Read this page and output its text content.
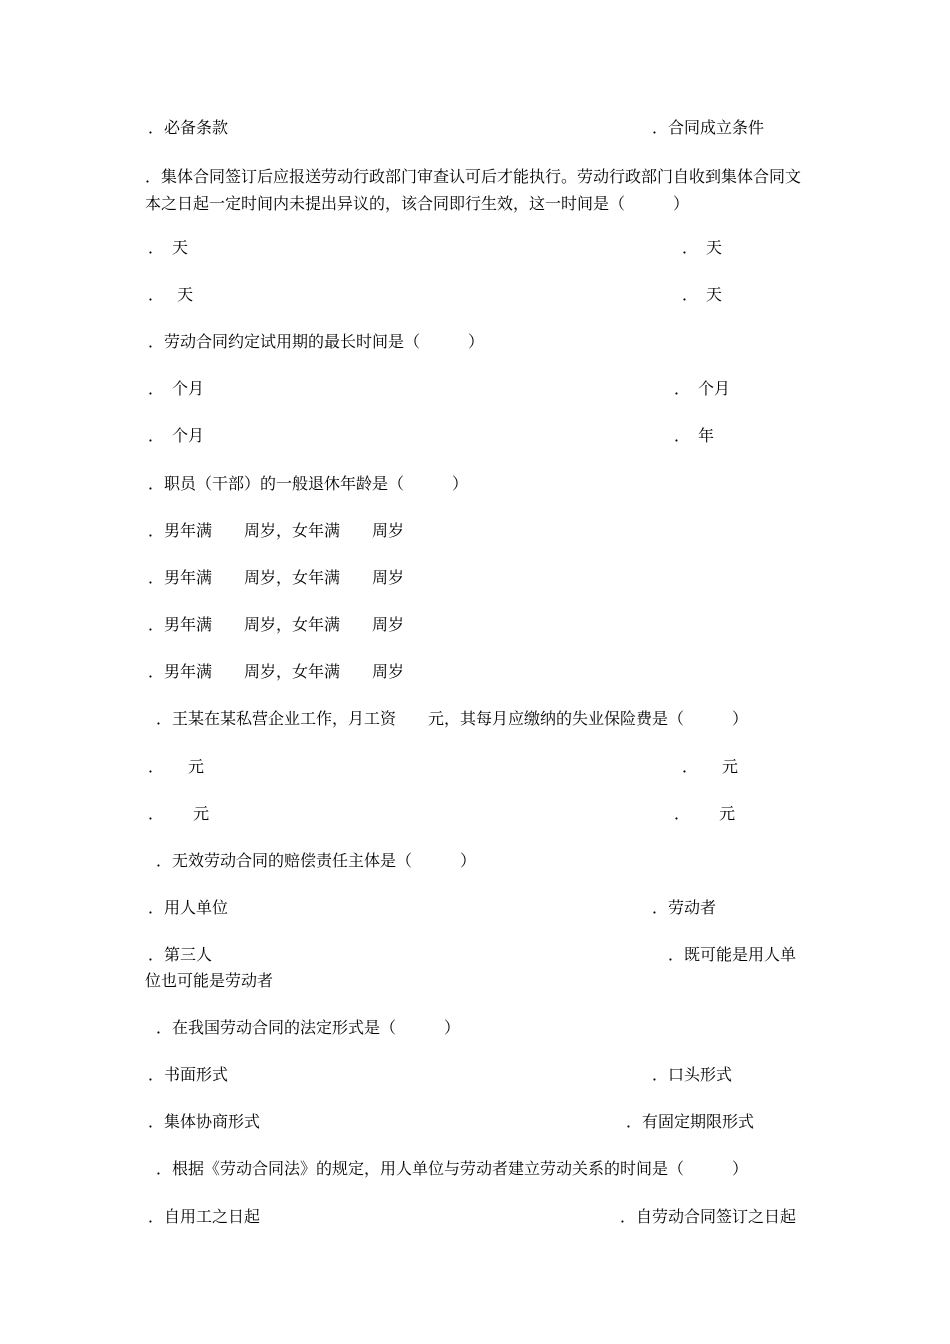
．必备条款	．合同成立条件
．集体合同签订后应报送劳动行政部门审查认可后才能执行。劳动行政部门自收到集体合同文本之日起一定时间内未提出异议的，该合同即行生效，这一时间是（　　　）
．　天	．　天
．　 天	．　天
．劳动合同约定试用期的最长时间是（　　　）
．　个月	．　个月
．　个月	．　年
．职员（干部）的一般退休年龄是（　　　）
．男年满　　周岁，女年满　　周岁
．男年满　　周岁，女年满　　周岁
．男年满　　周岁，女年满　　周岁
．男年满　　周岁，女年满　　周岁
．王某在某私营企业工作，月工资　　元，其每月应缴纳的失业保险费是（　　　）
．　　元	．　　元
．　　 元	．　　 元
．无效劳动合同的赔偿责任主体是（　　　）
．用人单位	．劳动者
．第三人	．既可能是用人单
位也可能是劳动者
．在我国劳动合同的法定形式是（　　　）
．书面形式	．口头形式
．集体协商形式	．有固定期限形式
．根据《劳动合同法》的规定，用人单位与劳动者建立劳动关系的时间是（　　　）
．自用工之日起	．自劳动合同签订之日起
